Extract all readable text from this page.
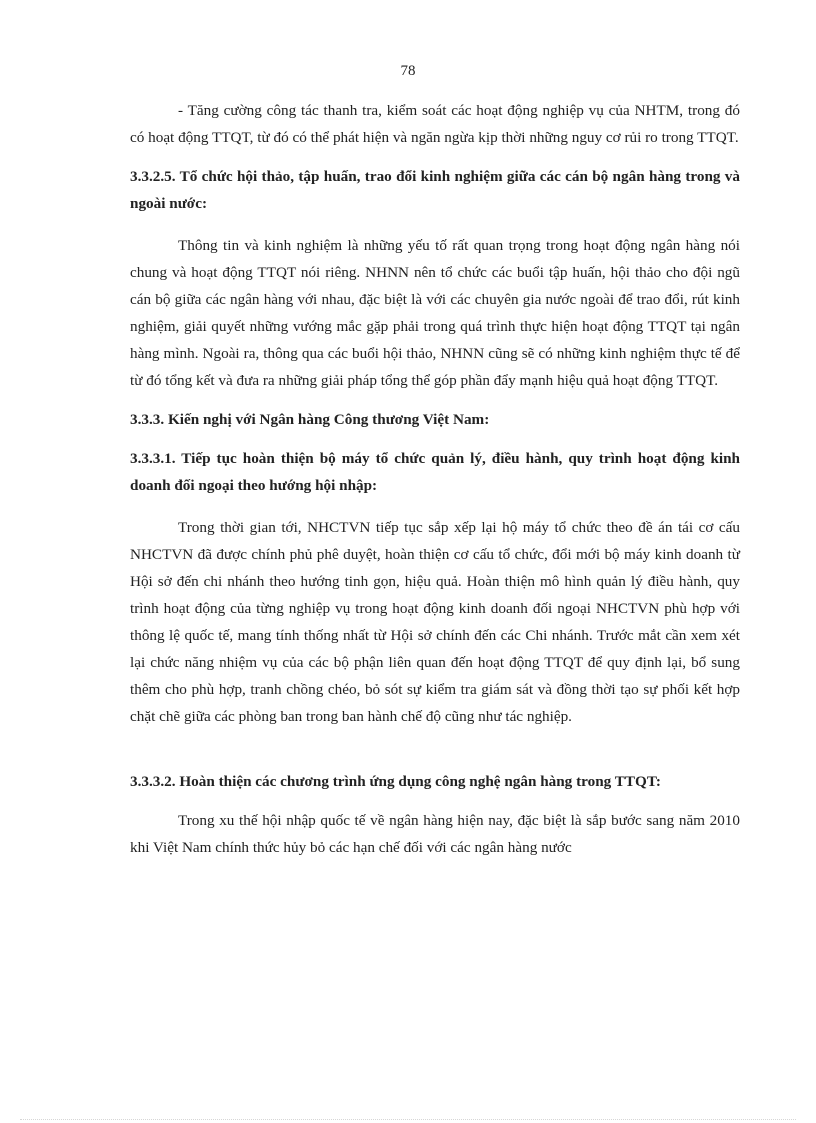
78

- Tăng cường công tác thanh tra, kiểm soát các hoạt động nghiệp vụ của NHTM, trong đó có hoạt động TTQT, từ đó có thể phát hiện và ngăn ngừa kịp thời những nguy cơ rủi ro trong TTQT.

3.3.2.5. Tổ chức hội thảo, tập huấn, trao đổi kinh nghiệm giữa các cán bộ ngân hàng trong và ngoài nước:

Thông tin và kinh nghiệm là những yếu tố rất quan trọng trong hoạt động ngân hàng nói chung và hoạt động TTQT nói riêng. NHNN nên tổ chức các buổi tập huấn, hội thảo cho đội ngũ cán bộ giữa các ngân hàng với nhau, đặc biệt là với các chuyên gia nước ngoài để trao đổi, rút kinh nghiệm, giải quyết những vướng mắc gặp phải trong quá trình thực hiện hoạt động TTQT tại ngân hàng mình. Ngoài ra, thông qua các buổi hội thảo, NHNN cũng sẽ có những kinh nghiệm thực tế để từ đó tổng kết và đưa ra những giải pháp tổng thể góp phần đẩy mạnh hiệu quả hoạt động TTQT.

3.3.3. Kiến nghị với Ngân hàng Công thương Việt Nam:
3.3.3.1. Tiếp tục hoàn thiện bộ máy tổ chức quản lý, điều hành, quy trình hoạt động kinh doanh đối ngoại theo hướng hội nhập:

Trong thời gian tới, NHCTVN tiếp tục sắp xếp lại hộ máy tổ chức theo đề án tái cơ cấu NHCTVN đã được chính phủ phê duyệt, hoàn thiện cơ cấu tổ chức, đổi mới bộ máy kinh doanh từ Hội sở đến chi nhánh theo hướng tinh gọn, hiệu quả. Hoàn thiện mô hình quản lý điều hành, quy trình hoạt động của từng nghiệp vụ trong hoạt động kinh doanh đối ngoại NHCTVN phù hợp với thông lệ quốc tế, mang tính thống nhất từ Hội sở chính đến các Chi nhánh. Trước mắt cần xem xét lại chức năng nhiệm vụ của các bộ phận liên quan đến hoạt động TTQT để quy định lại, bổ sung thêm cho phù hợp, tranh chồng chéo, bỏ sót sự kiểm tra giám sát và đồng thời tạo sự phối kết hợp chặt chẽ giữa các phòng ban trong ban hành chế độ cũng như tác nghiệp.

3.3.3.2. Hoàn thiện các chương trình ứng dụng công nghệ ngân hàng trong TTQT:

Trong xu thế hội nhập quốc tế về ngân hàng hiện nay, đặc biệt là sắp bước sang năm 2010 khi Việt Nam chính thức hủy bỏ các hạn chế đối với các ngân hàng nước
